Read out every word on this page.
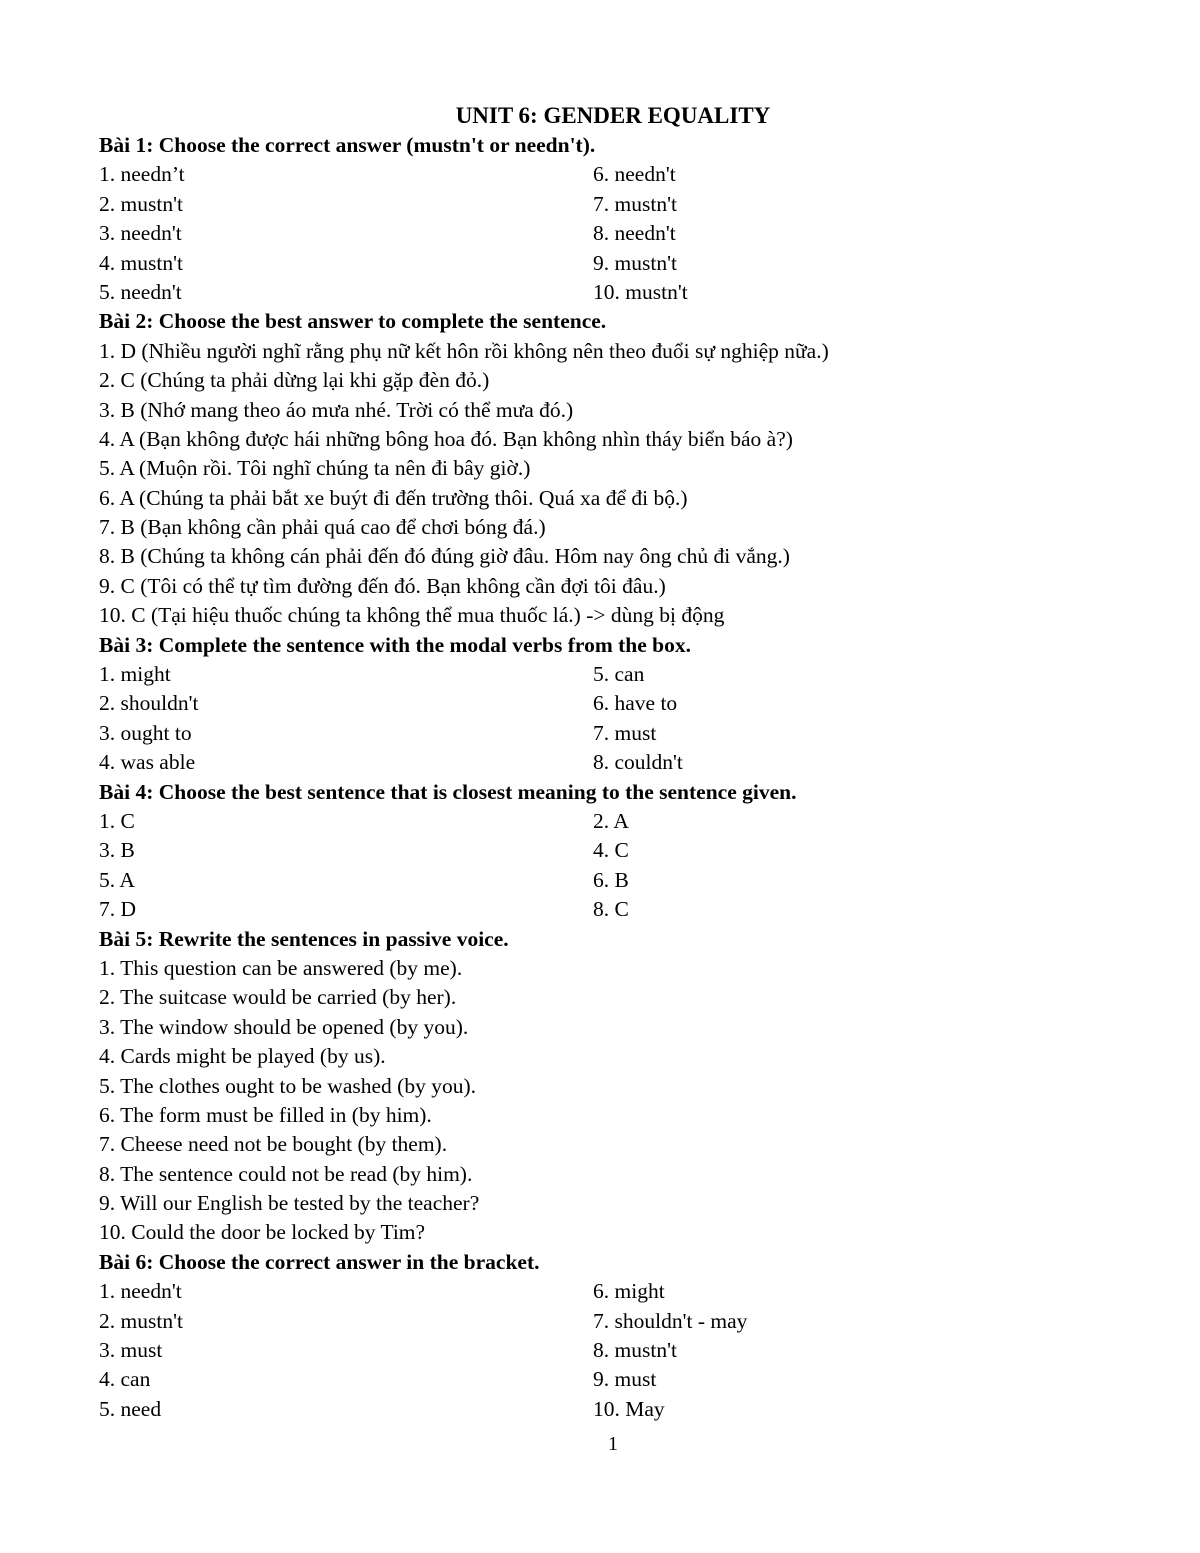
UNIT 6: GENDER EQUALITY
Bài 1: Choose the correct answer (mustn't or needn't).
1. needn’t	6. needn't
2. mustn't	7. mustn't
3. needn't	8. needn't
4. mustn't	9. mustn't
5. needn't	10. mustn't
Bài 2: Choose the best answer to complete the sentence.
1. D (Nhiều người nghĩ rằng phụ nữ kết hôn rồi không nên theo đuổi sự nghiệp nữa.)
2. C (Chúng ta phải dừng lại khi gặp đèn đỏ.)
3. B (Nhớ mang theo áo mưa nhé. Trời có thể mưa đó.)
4. A (Bạn không được hái những bông hoa đó. Bạn không nhìn tháy biển báo à?)
5. A (Muộn rồi. Tôi nghĩ chúng ta nên đi bây giờ.)
6. A (Chúng ta phải bắt xe buýt đi đến trường thôi. Quá xa để đi bộ.)
7. B (Bạn không cần phải quá cao để chơi bóng đá.)
8. B (Chúng ta không cán phải đến đó đúng giờ đâu. Hôm nay ông chủ đi vắng.)
9. C (Tôi có thể tự tìm đường đến đó. Bạn không cần đợi tôi đâu.)
10. C (Tại hiệu thuốc chúng ta không thể mua thuốc lá.) -> dùng bị động
Bài 3: Complete the sentence with the modal verbs from the box.
1. might	5. can
2. shouldn't	6. have to
3. ought to	7. must
4. was able	8. couldn't
Bài 4: Choose the best sentence that is closest meaning to the sentence given.
1. C	2. A
3. B	4. C
5. A	6. B
7. D	8. C
Bài 5: Rewrite the sentences in passive voice.
1. This question can be answered (by me).
2. The suitcase would be carried (by her).
3. The window should be opened (by you).
4. Cards might be played (by us).
5. The clothes ought to be washed (by you).
6. The form must be filled in (by him).
7. Cheese need not be bought (by them).
8. The sentence could not be read (by him).
9. Will our English be tested by the teacher?
10. Could the door be locked by Tim?
Bài 6: Choose the correct answer in the bracket.
1. needn't	6. might
2. mustn't	7. shouldn't - may
3. must	8. mustn't
4. can	9. must
5. need	10. May
1
